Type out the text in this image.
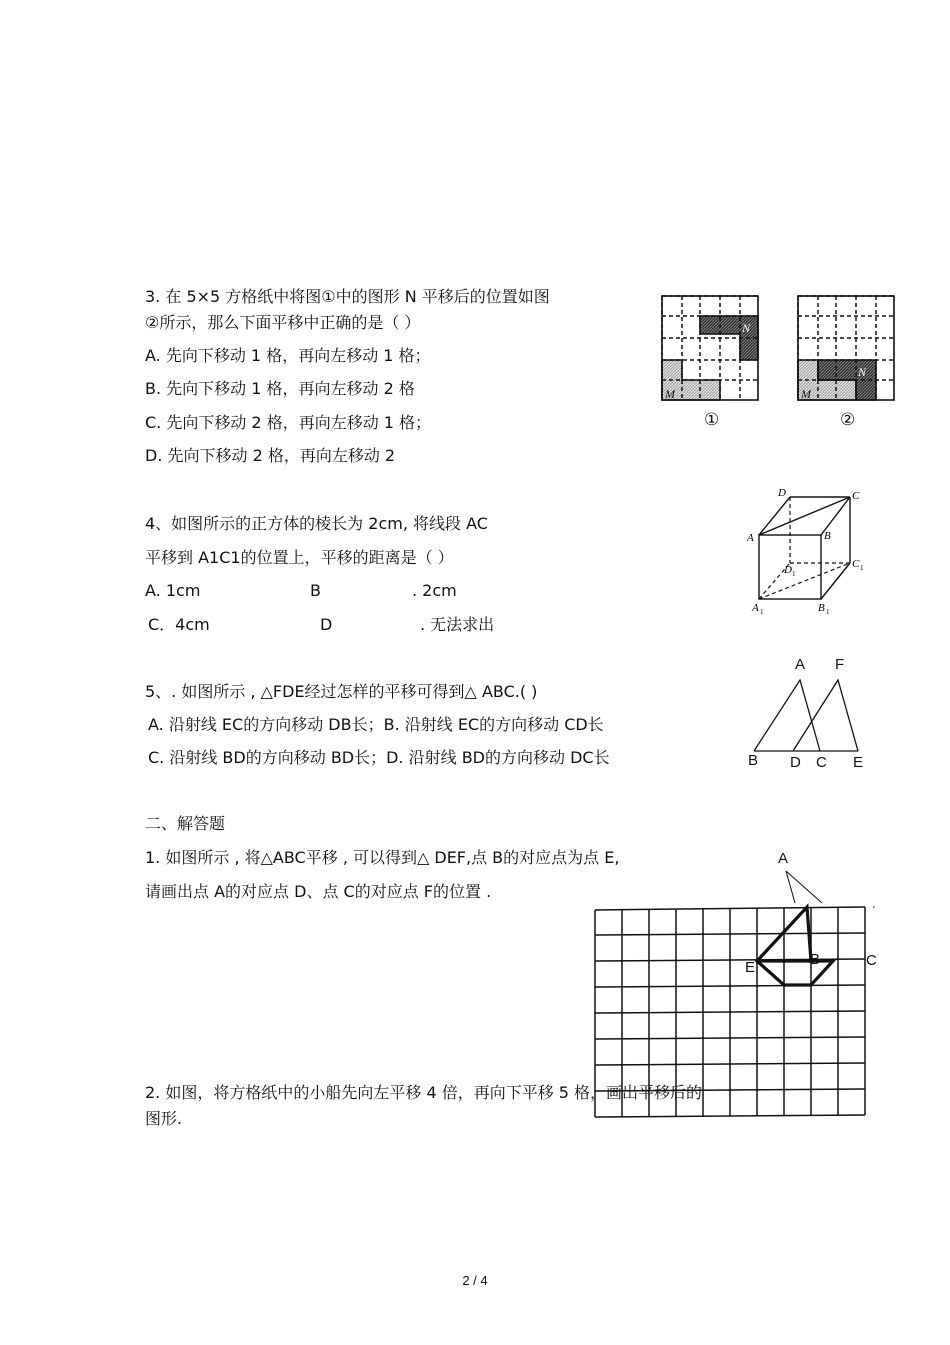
3. 在 5×5 方格纸中将图①中的图形 N 平移后的位置如图
②所示，那么下面平移中正确的是（ ）
A. 先向下移动 1 格，再向左移动 1 格；
B. 先向下移动 1 格，再向左移动 2 格
C. 先向下移动 2 格，再向左移动 1 格；
D. 先向下移动 2 格，再向左移动 2
N
M
①
N
M
②
4、如图所示的正方体的棱长为 2cm, 将线段 AC
平移到 A1C1的位置上，平移的距离是（ ）
A. 1cm	B	. 2cm
C．4cm	D	. 无法求出
D	C
A	B
D 1
C 1
A 1	B 1
5、. 如图所示 , △FDE经过怎样的平移可得到△ ABC.( )
A. 沿射线 EC的方向移动 DB长；B. 沿射线 EC的方向移动 CD长
C. 沿射线 BD的方向移动 BD长；D. 沿射线 BD的方向移动 DC长
A F
B D C E
二、解答题
1. 如图所示 , 将△ABC平移 , 可以得到△ DEF,点 B的对应点为点 E,
请画出点 A的对应点 D、点 C的对应点 F的位置 .
'
A
E	B	C
2. 如图，将方格纸中的小船先向左平移 4 倍，再向下平移 5 格，画出平移后的
图形.
2 / 4
